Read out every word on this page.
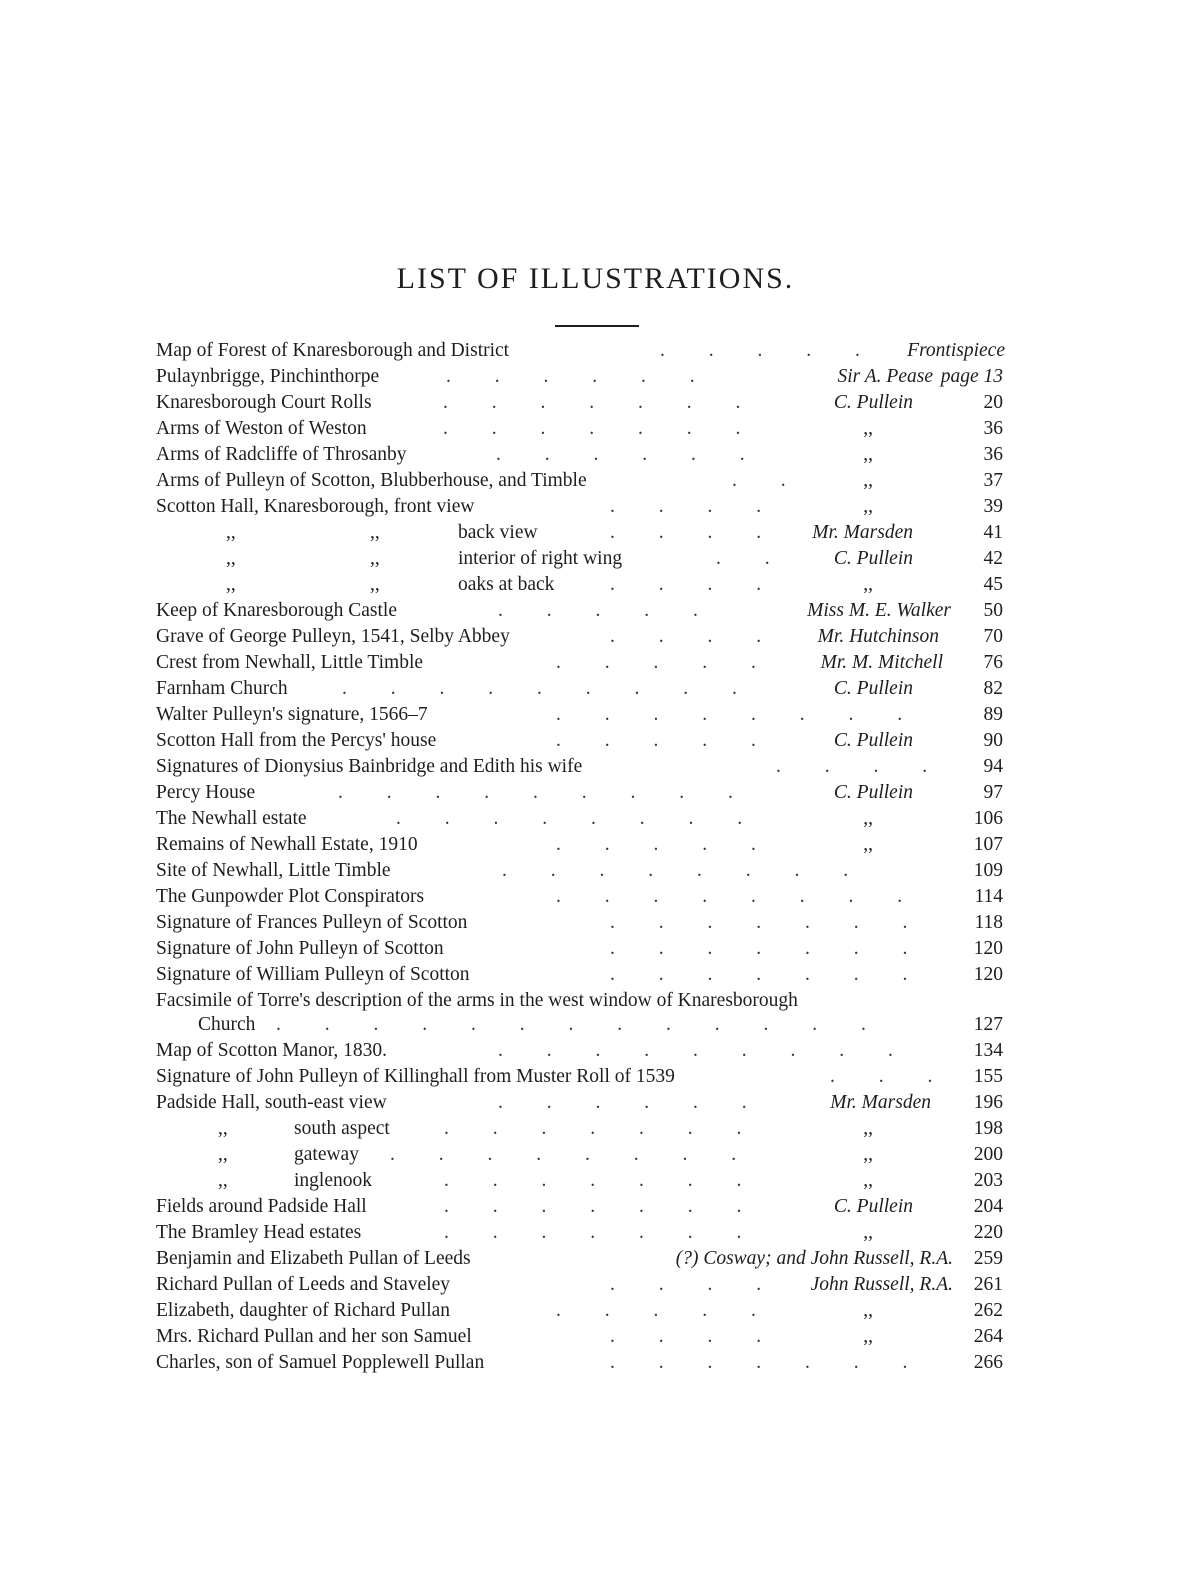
LIST OF ILLUSTRATIONS.
Map of Forest of Knaresborough and District	.         .         .         .         . Frontispiece
Pulaynbrigge, Pinchinthorpe	.         .         .         .         .         .	Sir A. Pease page 13
Knaresborough Court Rolls	.         .         .         .         .         .         .	C. Pullein	20
Arms of Weston of Weston	.         .         .         .         .         .         .	,,	36
Arms of Radcliffe of Throsanby	.         .         .         .         .         .	,,	36
Arms of Pulleyn of Scotton, Blubberhouse, and Timble	.         .	,,	37
Scotton Hall, Knaresborough, front view	.         .         .         .	,,	39
,,	,,	back view	.         .         .         .	Mr. Marsden	41
,,	,,	interior of right wing	.         .	C. Pullein	42
,,	,,	oaks at back	.         .         .         .	,,	45
Keep of Knaresborough Castle	.         .         .         .         .	Miss M. E. Walker 50
Grave of George Pulleyn, 1541, Selby Abbey	.         .         .         .	Mr. Hutchinson 70
Crest from Newhall, Little Timble	.         .         .         .         .	Mr. M. Mitchell 76
Farnham Church	.         .         .         .         .         .         .         .         .	C. Pullein	82
Walter Pulleyn's signature, 1566–7	.         .         .         .         .         .         .         .	89
Scotton Hall from the Percys' house	.         .         .         .         .	C. Pullein	90
Signatures of Dionysius Bainbridge and Edith his wife	.         .         .         .	94
Percy House	.         .         .         .         .         .         .         .         .	C. Pullein	97
The Newhall estate	.         .         .         .         .         .         .         .	,,	106
Remains of Newhall Estate, 1910	.         .         .         .         .	,,	107
Site of Newhall, Little Timble	.         .         .         .         .         .         .         .	109
The Gunpowder Plot Conspirators	.         .         .         .         .         .         .         .	114
Signature of Frances Pulleyn of Scotton	.         .         .         .         .         .         .	118
Signature of John Pulleyn of Scotton	.         .         .         .         .         .         .	120
Signature of William Pulleyn of Scotton	.         .         .         .         .         .         .	120
Facsimile of Torre's description of the arms in the west window of Knaresborough
Church .         .         .         .         .         .         .         .         .         .         .         .         .	127
Map of Scotton Manor, 1830.	.         .         .         .         .         .         .         .         .	134
Signature of John Pulleyn of Killinghall from Muster Roll of 1539	.         .         . 155
Padside Hall, south-east view	.         .         .         .         .         .	Mr. Marsden 196
,,	south aspect	.         .         .         .         .         .         .	,,	198
,,	gateway .         .         .         .         .         .         .         .	,,	200
,,	inglenook	.         .         .         .         .         .         .	,,	203
Fields around Padside Hall	.         .         .         .         .         .         .	C. Pullein	204
The Bramley Head estates	.         .         .         .         .         .         .	,,	220
Benjamin and Elizabeth Pullan of Leeds	(?) Cosway; and John Russell, R.A. 259
Richard Pullan of Leeds and Staveley	.         .         .         .	John Russell, R.A. 261
Elizabeth, daughter of Richard Pullan	.         .         .         .         .	,,	262
Mrs. Richard Pullan and her son Samuel	.         .         .         .	,,	264
Charles, son of Samuel Popplewell Pullan	.         .         .         .         .         .         .	266
